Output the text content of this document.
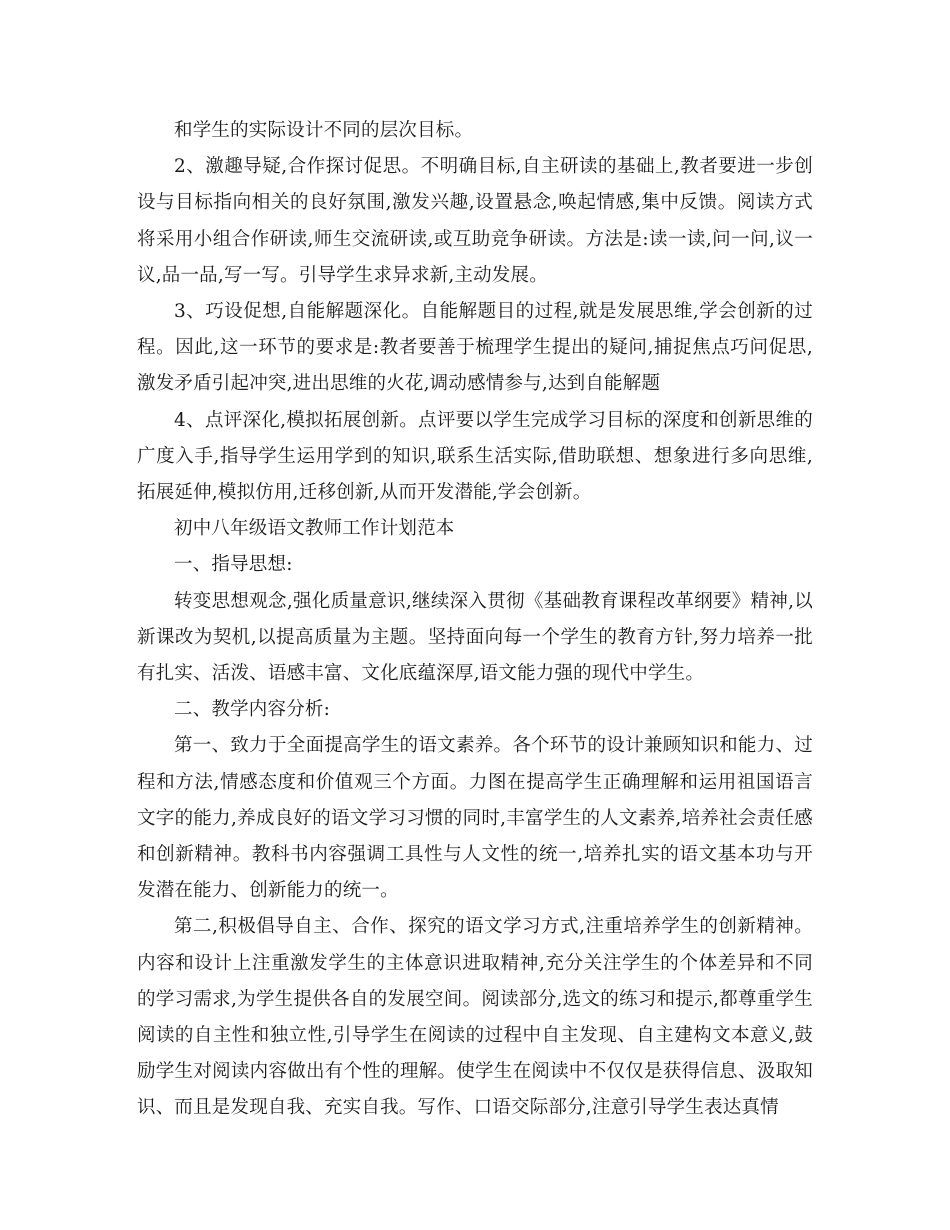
和学生的实际设计不同的层次目标。

2、激趣导疑,合作探讨促思。不明确目标,自主研读的基础上,教者要进一步创设与目标指向相关的良好氛围,激发兴趣,设置悬念,唤起情感,集中反馈。阅读方式将采用小组合作研读,师生交流研读,或互助竞争研读。方法是:读一读,问一问,议一议,品一品,写一写。引导学生求异求新,主动发展。

3、巧设促想,自能解题深化。自能解题目的过程,就是发展思维,学会创新的过程。因此,这一环节的要求是:教者要善于梳理学生提出的疑问,捕捉焦点巧问促思,激发矛盾引起冲突,进出思维的火花,调动感情参与,达到自能解题

4、点评深化,模拟拓展创新。点评要以学生完成学习目标的深度和创新思维的广度入手,指导学生运用学到的知识,联系生活实际,借助联想、想象进行多向思维,拓展延伸,模拟仿用,迁移创新,从而开发潜能,学会创新。

初中八年级语文教师工作计划范本

一、指导思想:

转变思想观念,强化质量意识,继续深入贯彻《基础教育课程改革纲要》精神,以新课改为契机,以提高质量为主题。坚持面向每一个学生的教育方针,努力培养一批有扎实、活泼、语感丰富、文化底蕴深厚,语文能力强的现代中学生。

二、教学内容分析:

第一、致力于全面提高学生的语文素养。各个环节的设计兼顾知识和能力、过程和方法,情感态度和价值观三个方面。力图在提高学生正确理解和运用祖国语言文字的能力,养成良好的语文学习习惯的同时,丰富学生的人文素养,培养社会责任感和创新精神。教科书内容强调工具性与人文性的统一,培养扎实的语文基本功与开发潜在能力、创新能力的统一。

第二,积极倡导自主、合作、探究的语文学习方式,注重培养学生的创新精神。内容和设计上注重激发学生的主体意识进取精神,充分关注学生的个体差异和不同的学习需求,为学生提供各自的发展空间。阅读部分,选文的练习和提示,都尊重学生阅读的自主性和独立性,引导学生在阅读的过程中自主发现、自主建构文本意义,鼓励学生对阅读内容做出有个性的理解。使学生在阅读中不仅仅是获得信息、汲取知识、而且是发现自我、充实自我。写作、口语交际部分,注意引导学生表达真情
